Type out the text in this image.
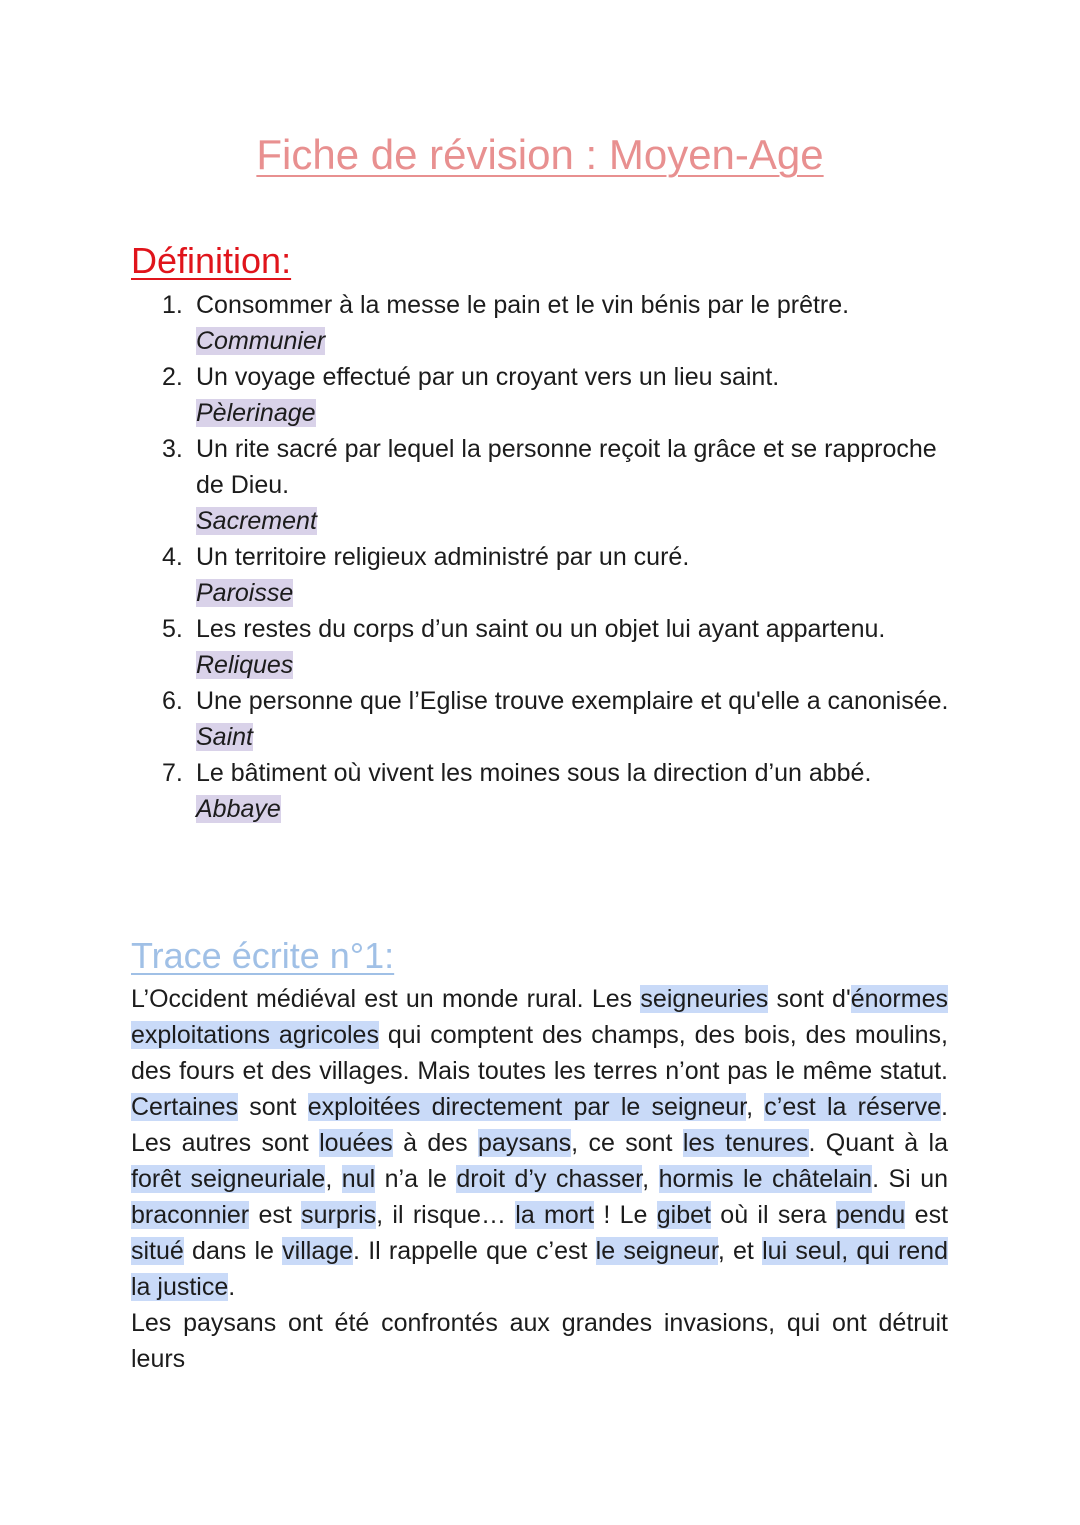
Fiche de révision : Moyen-Age
Définition:
1. Consommer à la messe le pain et le vin bénis par le prêtre.
Communier
2. Un voyage effectué par un croyant vers un lieu saint.
Pèlerinage
3. Un rite sacré par lequel la personne reçoit la grâce et se rapproche de Dieu.
Sacrement
4. Un territoire religieux administré par un curé.
Paroisse
5. Les restes du corps d’un saint ou un objet lui ayant appartenu.
Reliques
6. Une personne que l’Eglise trouve exemplaire et qu'elle a canonisée.
Saint
7. Le bâtiment où vivent les moines sous la direction d’un abbé.
Abbaye
Trace écrite n°1:

L’Occident médiéval est un monde rural. Les seigneuries sont d'énormes exploitations agricoles qui comptent des champs, des bois, des moulins, des fours et des villages. Mais toutes les terres n’ont pas le même statut. Certaines sont exploitées directement par le seigneur, c’est la réserve. Les autres sont louées à des paysans, ce sont les tenures. Quant à la forêt seigneuriale, nul n’a le droit d’y chasser, hormis le châtelain. Si un braconnier est surpris, il risque… la mort ! Le gibet où il sera pendu est situé dans le village. Il rappelle que c’est le seigneur, et lui seul, qui rend la justice.

Les paysans ont été confrontés aux grandes invasions, qui ont détruit leurs
